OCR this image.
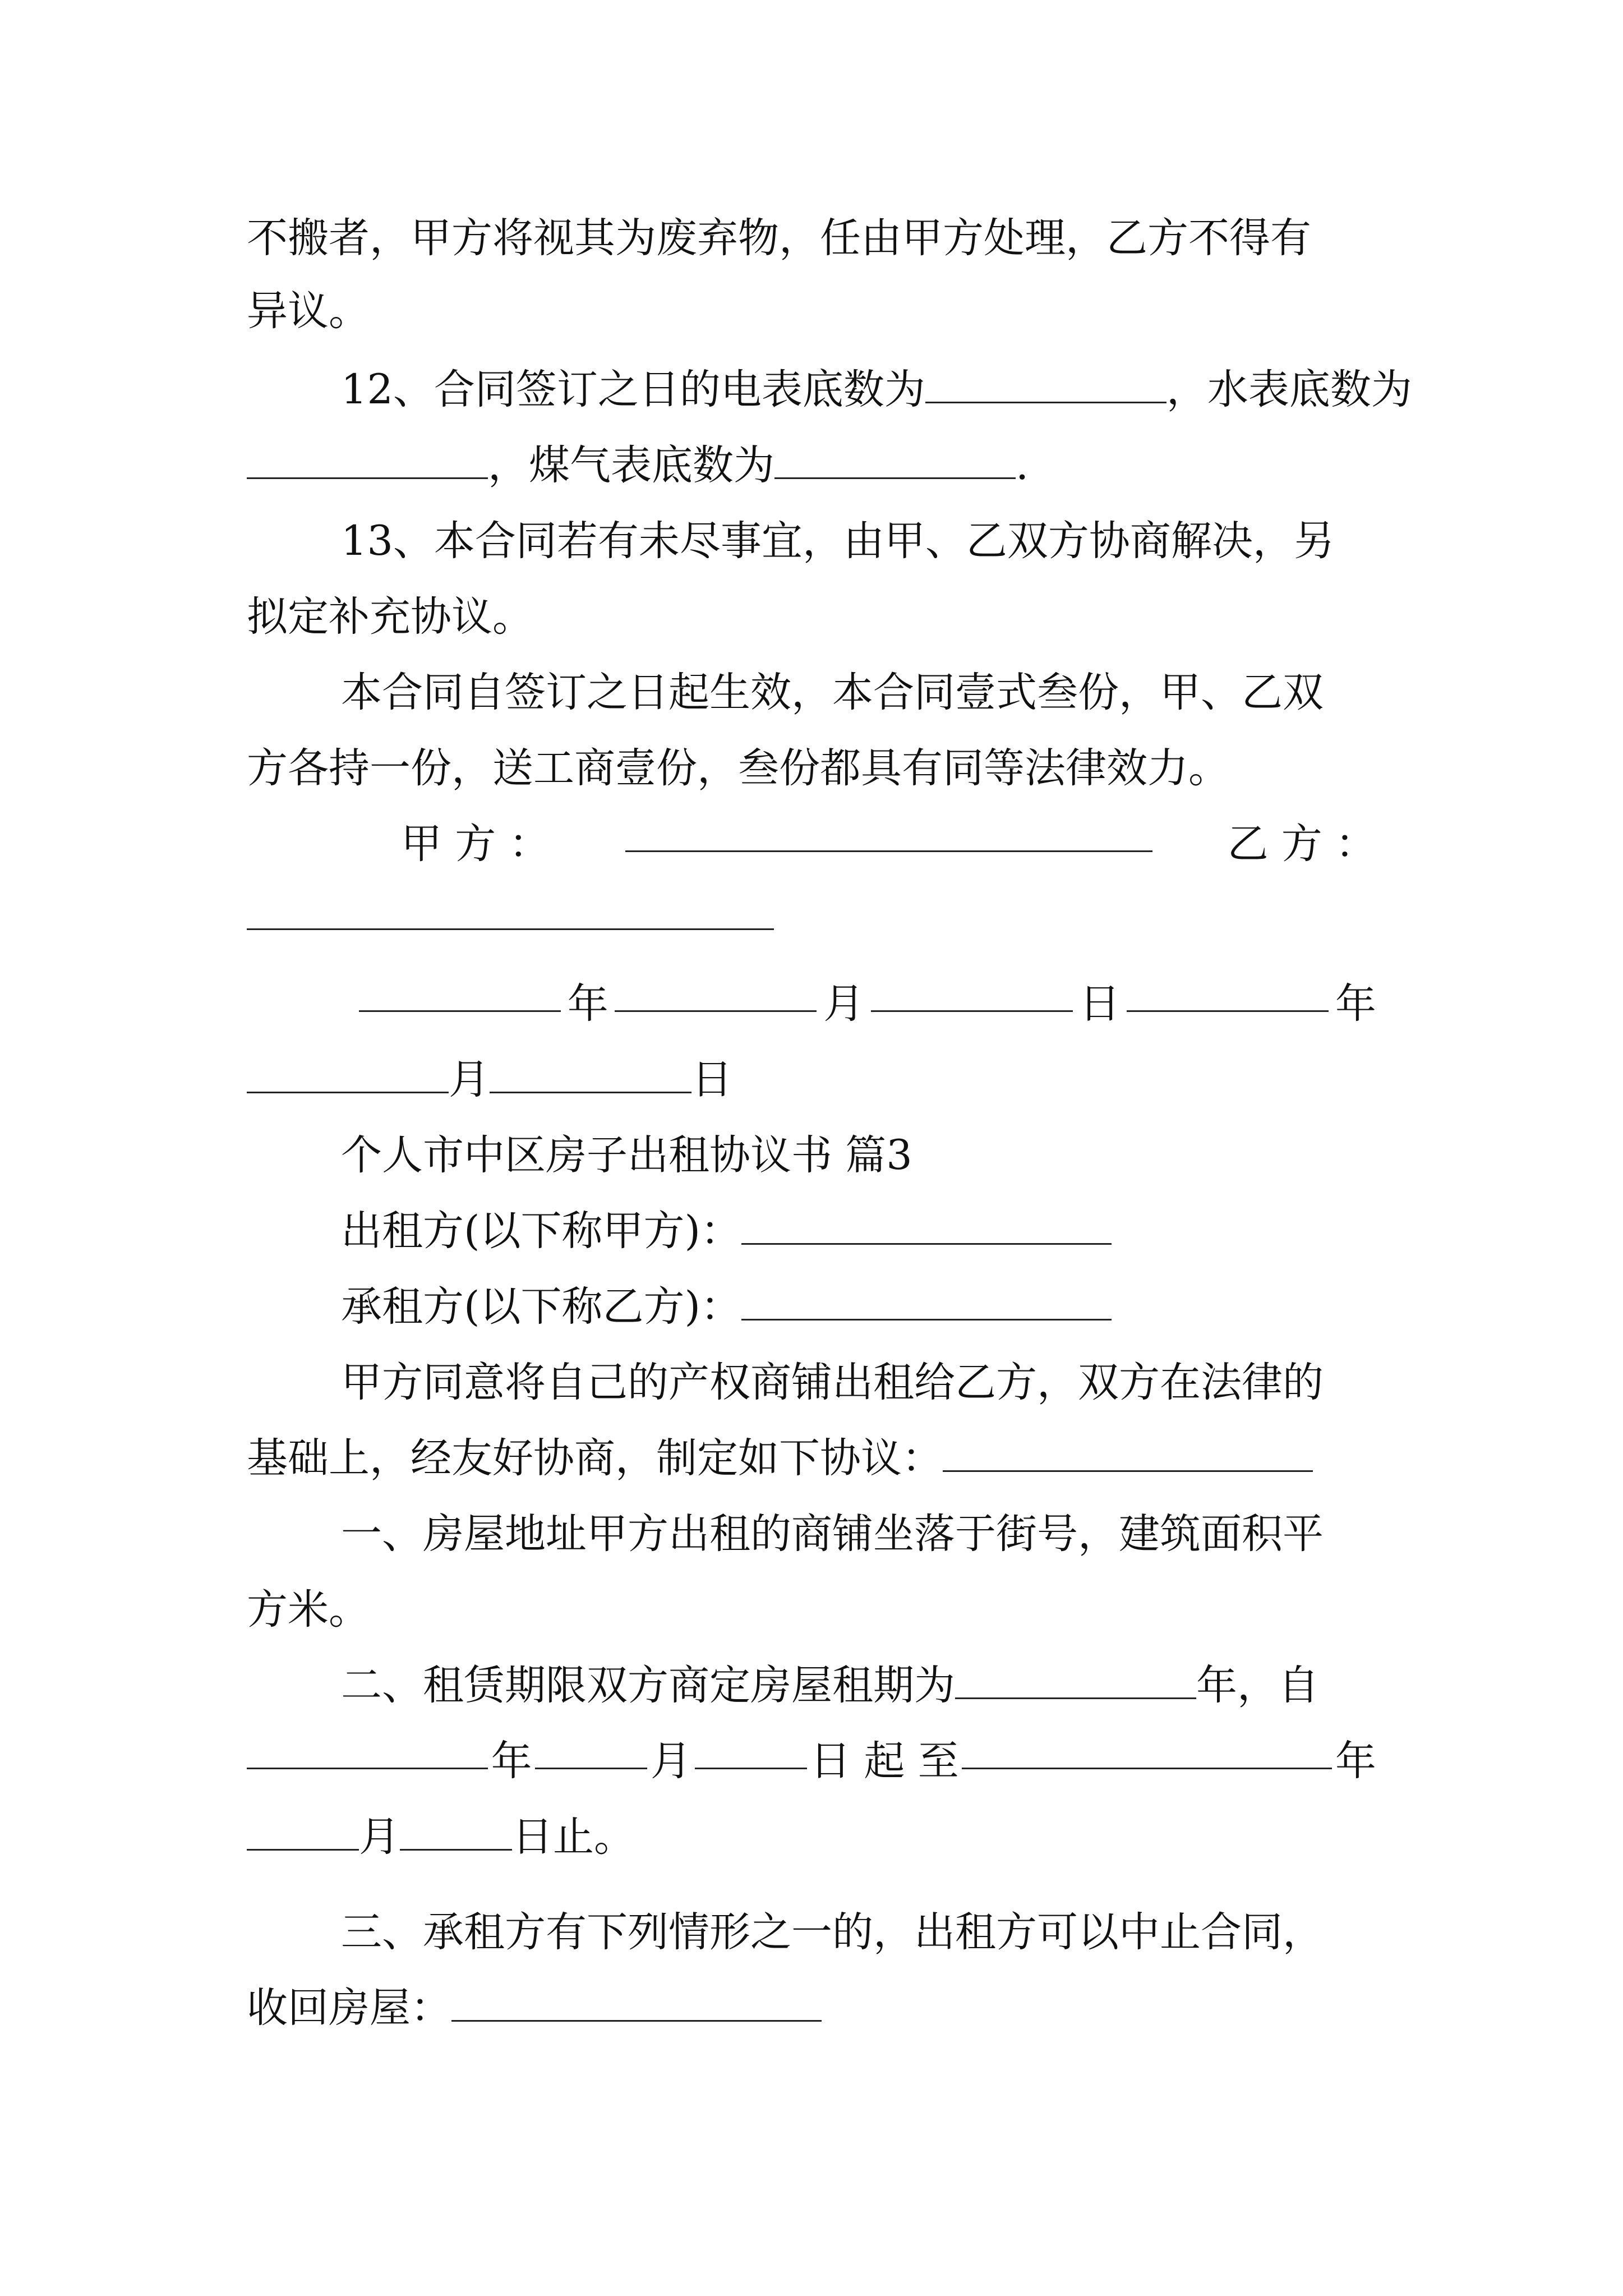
不搬者，甲方将视其为废弃物，任由甲方处理，乙方不得有
异议。
12、合同签订之日的电表底数为	，水表底数为
，煤气表底数为	.
13、本合同若有未尽事宜，由甲、乙双方协商解决，另
拟定补充协议。
本合同自签订之日起生效，本合同壹式叁份，甲、乙双
方各持一份，送工商壹份，叁份都具有同等法律效力。
甲 方 ：	乙 方 ：
年	月	日	年
月	日
个人市中区房子出租协议书 篇3
出租方(以下称甲方)：
承租方(以下称乙方)：
甲方同意将自己的产权商铺出租给乙方，双方在法律的
基础上，经友好协商，制定如下协议：
一、房屋地址甲方出租的商铺坐落于街号，建筑面积平
方米。
二、租赁期限双方商定房屋租期为	年，自
年	月	日 起 至	年
月	日止。
三、承租方有下列情形之一的，出租方可以中止合同，
收回房屋：
